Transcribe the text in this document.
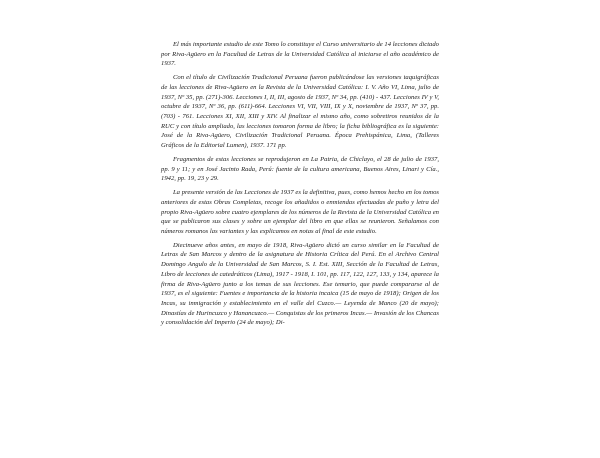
El más importante estudio de este Tomo lo constituye el Curso universitario de 14 lecciones dictado por Riva-Agüero en la Facultad de Letras de la Universidad Católica al iniciarse el año académico de 1937.

Con el título de Civilización Tradicional Peruana fueron publicándose las versiones taquigráficas de las lecciones de Riva-Agüero en la Revista de la Universidad Católica: I. V. Año VI, Lima, julio de 1937, Nº 35, pp. (271)-306. Lecciones I, II, III, agosto de 1937, Nº 34, pp. (410) - 437. Lecciones IV y V, octubre de 1937, Nº 36, pp. (611)-664. Lecciones VI, VII, VIII, IX y X, noviembre de 1937, Nº 37, pp. (703) - 761. Lecciones XI, XII, XIII y XIV. Al finalizar el mismo año, como sobretiros reunidos de la RUC y con título ampliado, las lecciones tomaron forma de libro; la ficha bibliográfica es la siguiente: José de la Riva-Agüero, Civilización Tradicional Peruana. Época Prehispánica, Lima, (Talleres Gráficos de la Editorial Lumen), 1937. 171 pp.

Fragmentos de estas lecciones se reprodujeron en La Patria, de Chiclayo, el 28 de julio de 1937, pp. 9 y 11; y en José Jacinto Rada, Perú: fuente de la cultura americana, Buenos Aires, Linari y Cía., 1942, pp. 19, 23 y 29.

La presente versión de las Lecciones de 1937 es la definitiva, pues, como hemos hecho en los tomos anteriores de estas Obras Completas, recoge los añadidos o enmiendas efectuadas de puño y letra del propio Riva-Agüero sobre cuatro ejemplares de los números de la Revista de la Universidad Católica en que se publicaron sus clases y sobre un ejemplar del libro en que ellas se reunieron. Señalamos con números romanos las variantes y las explicamos en notas al final de este estudio.

Diecinueve años antes, en mayo de 1918, Riva-Agüero dictó un curso similar en la Facultad de Letras de San Marcos y dentro de la asignatura de Historia Crítica del Perú. En el Archivo Central Domingo Angulo de la Universidad de San Marcos, S. I. Est. XIII, Sección de la Facultad de Letras, Libro de lecciones de catedráticos (Lima), 1917 - 1918, I. 101, pp. 117, 122, 127, 133, y 134, aparece la firma de Riva-Agüero junto a los temas de sus lecciones. Ese temario, que puede compararse al de 1937, es el siguiente: Fuentes e importancia de la historia incaica (15 de mayo de 1918); Origen de los Incas, su inmigración y establecimiento en el valle del Cuzco.— Leyenda de Manco (20 de mayo); Dinastías de Hurincuzco y Hanancuzco.— Conquistas de los primeros Incas.— Invasión de los Chancas y consolidación del Imperio (24 de mayo); Di-
